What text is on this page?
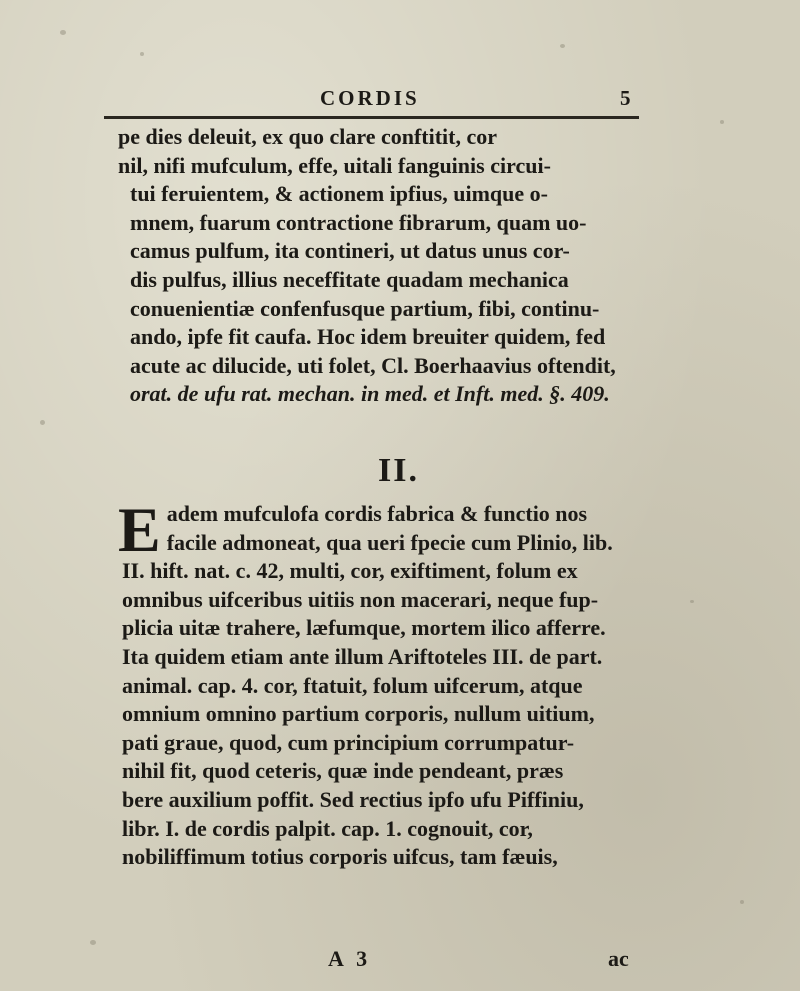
CORDIS	5
pe dies deleuit, ex quo clare conftitit, cor
nil, nifi mufculum, effe, uitali fanguinis circui-
tui feruientem, & actionem ipfius, uimque o-
mnem, fuarum contractione fibrarum, quam uo-
camus pulfum, ita contineri, ut datus unus cor-
dis pulfus, illius neceffitate quadam mechanica
conuenientiæ confenfusque partium, fibi, continu-
ando, ipfe fit caufa. Hoc idem breuiter quidem, fed
acute ac dilucide, uti folet, Cl. Boerhaavius oftendit,
orat. de ufu rat. mechan. in med. et Inft. med. §. 409.
II.
E adem mufculofa cordis fabrica & functio nos
facile admoneat, qua ueri fpecie cum Plinio, lib.
II. hift. nat. c. 42, multi, cor, exiftiment, folum ex
omnibus uifceribus uitiis non macerari, neque fup-
plicia uitæ trahere, læfumque, mortem ilico afferre.
Ita quidem etiam ante illum Ariftoteles III. de part.
animal. cap. 4. cor, ftatuit, folum uifcerum, atque
omnium omnino partium corporis, nullum uitium,
pati graue, quod, cum principium corrumpatur-
nihil fit, quod ceteris, quæ inde pendeant, præs
bere auxilium poffit. Sed rectius ipfo ufu Piffiniu,
libr. I. de cordis palpit. cap. 1. cognouit, cor,
nobiliffimum totius corporis uifcus, tam fæuis,
A 3	ac
